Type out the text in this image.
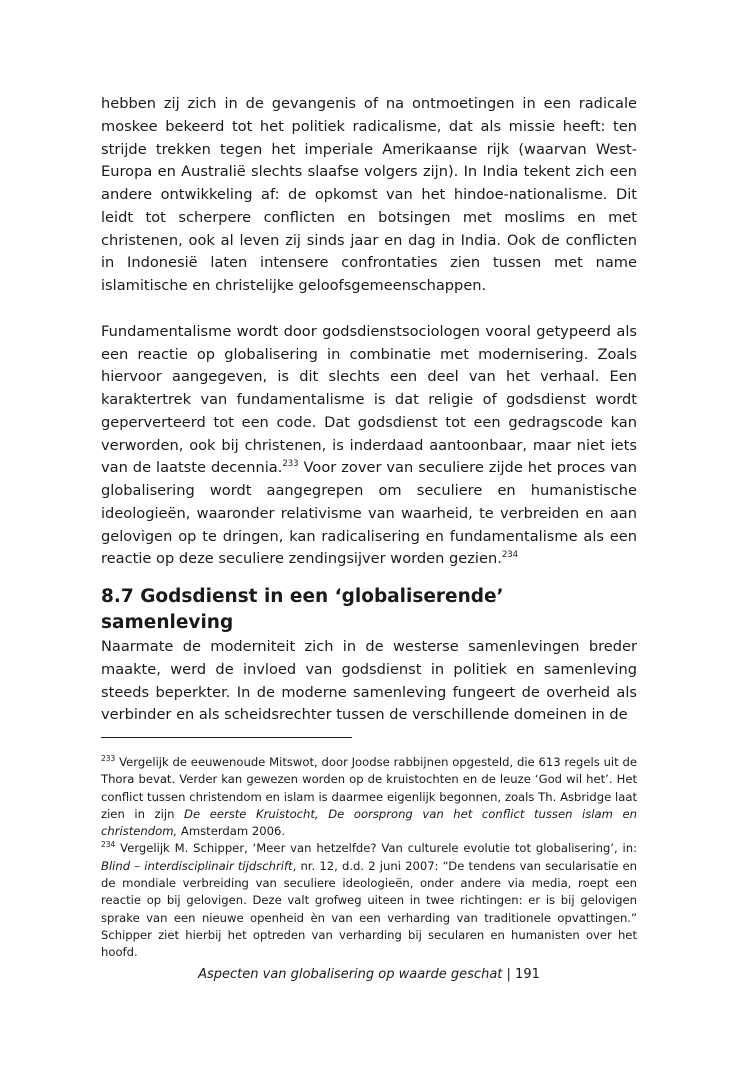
hebben zij zich in de gevangenis of na ontmoetingen in een radicale moskee bekeerd tot het politiek radicalisme, dat als missie heeft: ten strijde trekken tegen het imperiale Amerikaanse rijk (waarvan West-Europa en Australië slechts slaafse volgers zijn). In India tekent zich een andere ontwikkeling af: de opkomst van het hindoe-nationalisme. Dit leidt tot scherpere conflicten en botsingen met moslims en met christenen, ook al leven zij sinds jaar en dag in India. Ook de conflicten in Indonesië laten intensere confrontaties zien tussen met name islamitische en christelijke geloofsgemeenschappen.

Fundamentalisme wordt door godsdienstsociologen vooral getypeerd als een reactie op globalisering in combinatie met modernisering. Zoals hiervoor aangegeven, is dit slechts een deel van het verhaal. Een karaktertrek van fundamentalisme is dat religie of godsdienst wordt geperverteerd tot een code. Dat godsdienst tot een gedragscode kan verworden, ook bij christenen, is inderdaad aantoonbaar, maar niet iets van de laatste decennia.$^{233}$ Voor zover van seculiere zijde het proces van globalisering wordt aangegrepen om seculiere en humanistische ideologieën, waaronder relativisme van waarheid, te verbreiden en aan gelovigen op te dringen, kan radicalisering en fundamentalisme als een reactie op deze seculiere zendingsijver worden gezien.$^{234}$

8.7 Godsdienst in een ‘globaliserende’ samenleving

Naarmate de moderniteit zich in de westerse samenlevingen breder maakte, werd de invloed van godsdienst in politiek en samenleving steeds beperkter. In de moderne samenleving fungeert de overheid als verbinder en als scheidsrechter tussen de verschillende domeinen in de

$^{233}$ Vergelijk de eeuwenoude Mitswot, door Joodse rabbijnen opgesteld, die 613 regels uit de Thora bevat. Verder kan gewezen worden op de kruistochten en de leuze ‘God wil het’. Het conflict tussen christendom en islam is daarmee eigenlijk begonnen, zoals Th. Asbridge laat zien in zijn De eerste Kruistocht, De oorsprong van het conflict tussen islam en christendom, Amsterdam 2006.

$^{234}$ Vergelijk M. Schipper, ‘Meer van hetzelfde? Van culturele evolutie tot globalisering’, in: Blind – interdisciplinair tijdschrift, nr. 12, d.d. 2 juni 2007: “De tendens van secularisatie en de mondiale verbreiding van seculiere ideologieën, onder andere via media, roept een reactie op bij gelovigen. Deze valt grofweg uiteen in twee richtingen: er is bij gelovigen sprake van een nieuwe openheid èn van een verharding van traditionele opvattingen.” Schipper ziet hierbij het optreden van verharding bij secularen en humanisten over het hoofd.

Aspecten van globalisering op waarde geschat | 191
